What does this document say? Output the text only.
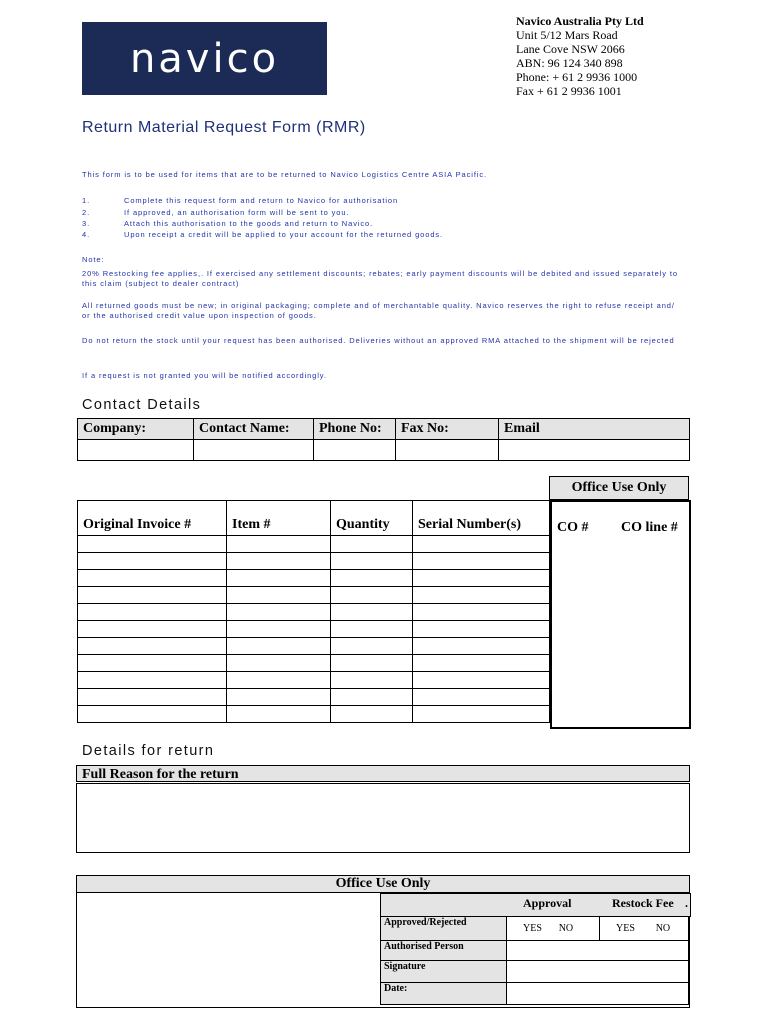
navico
Navico Australia Pty Ltd
Unit 5/12 Mars Road
Lane Cove NSW 2066
ABN: 96 124 340 898
Phone: + 61 2 9936 1000
Fax + 61 2 9936 1001
Return Material Request Form (RMR)
This form is to be used for items that are to be returned to Navico Logistics Centre ASIA Pacific.
1.	Complete this request form and return to Navico for authorisation
2.	If approved, an authorisation form will be sent to you.
3.	Attach this authorisation to the goods and return to Navico.
4.	Upon receipt a credit will be applied to your account for the returned goods.
Note:
20% Restocking fee applies,. If exercised any settlement discounts; rebates; early payment discounts will be debited and issued separately to this claim (subject to dealer contract)
All returned goods must be new; in original packaging; complete and of merchantable quality. Navico reserves the right to refuse receipt and/ or the authorised credit value upon inspection of goods.
Do not return the stock until your request has been authorised. Deliveries without an approved RMA attached to the shipment will be rejected
If a request is not granted you will be notified accordingly.
Contact Details
Company:	Contact Name:	Phone No:	Fax No:	Email

Office Use Only
Original Invoice #	Item #	Quantity	Serial Number(s)

				CO # CO line #
Details for return
Full Reason for the return
Office Use Only
Approval	Restock Fee .
Approved/Rejected	YES NO	YES NO
Authorised Person		
Signature		
Date:		
